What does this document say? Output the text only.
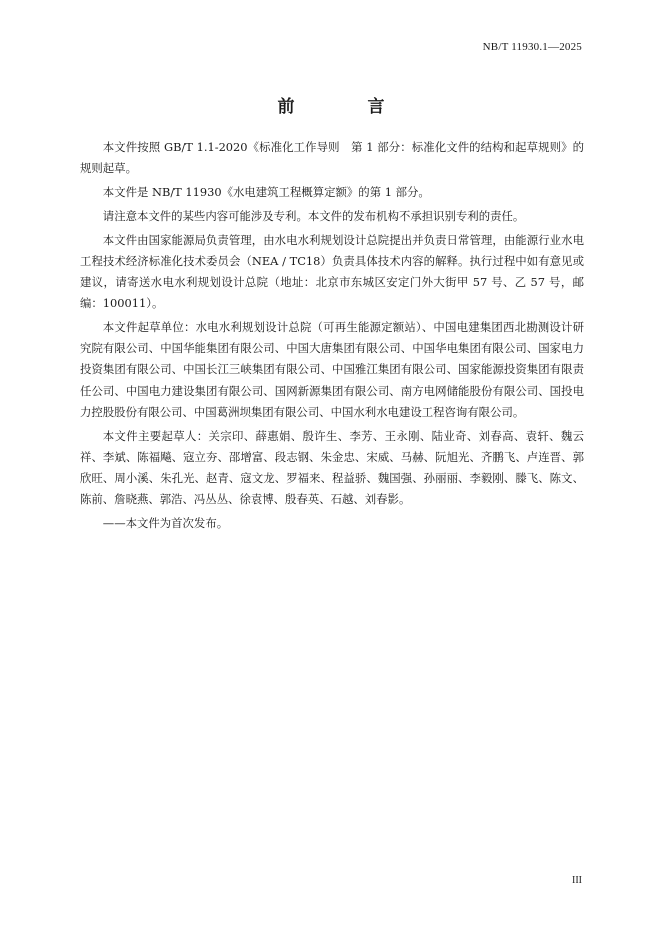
NB/T 11930.1—2025
前　言

本文件按照 GB/T 1.1-2020《标准化工作导则　第 1 部分：标准化文件的结构和起草规则》的规则起草。

本文件是 NB/T 11930《水电建筑工程概算定额》的第 1 部分。

请注意本文件的某些内容可能涉及专利。本文件的发布机构不承担识别专利的责任。

本文件由国家能源局负责管理，由水电水利规划设计总院提出并负责日常管理，由能源行业水电工程技术经济标准化技术委员会（NEA / TC18）负责具体技术内容的解释。执行过程中如有意见或建议，请寄送水电水利规划设计总院（地址：北京市东城区安定门外大街甲 57 号、乙 57 号，邮编：100011）。

本文件起草单位：水电水利规划设计总院（可再生能源定额站）、中国电建集团西北勘测设计研究院有限公司、中国华能集团有限公司、中国大唐集团有限公司、中国华电集团有限公司、国家电力投资集团有限公司、中国长江三峡集团有限公司、中国雅江集团有限公司、国家能源投资集团有限责任公司、中国电力建设集团有限公司、国网新源集团有限公司、南方电网储能股份有限公司、国投电力控股股份有限公司、中国葛洲坝集团有限公司、中国水利水电建设工程咨询有限公司。

本文件主要起草人：关宗印、薛惠娟、殷许生、李芳、王永刚、陆业奇、刘春高、袁轩、魏云祥、李斌、陈福飚、寇立夯、邵增富、段志钢、朱金忠、宋威、马赫、阮旭光、齐鹏飞、卢连晋、郭欣旺、周小溪、朱孔光、赵青、寇文龙、罗福来、程益骄、魏国强、孙丽丽、李毅刚、滕飞、陈文、陈前、詹晓燕、郭浩、冯丛丛、徐袁博、殷春英、石越、刘春影。

——本文件为首次发布。

III
